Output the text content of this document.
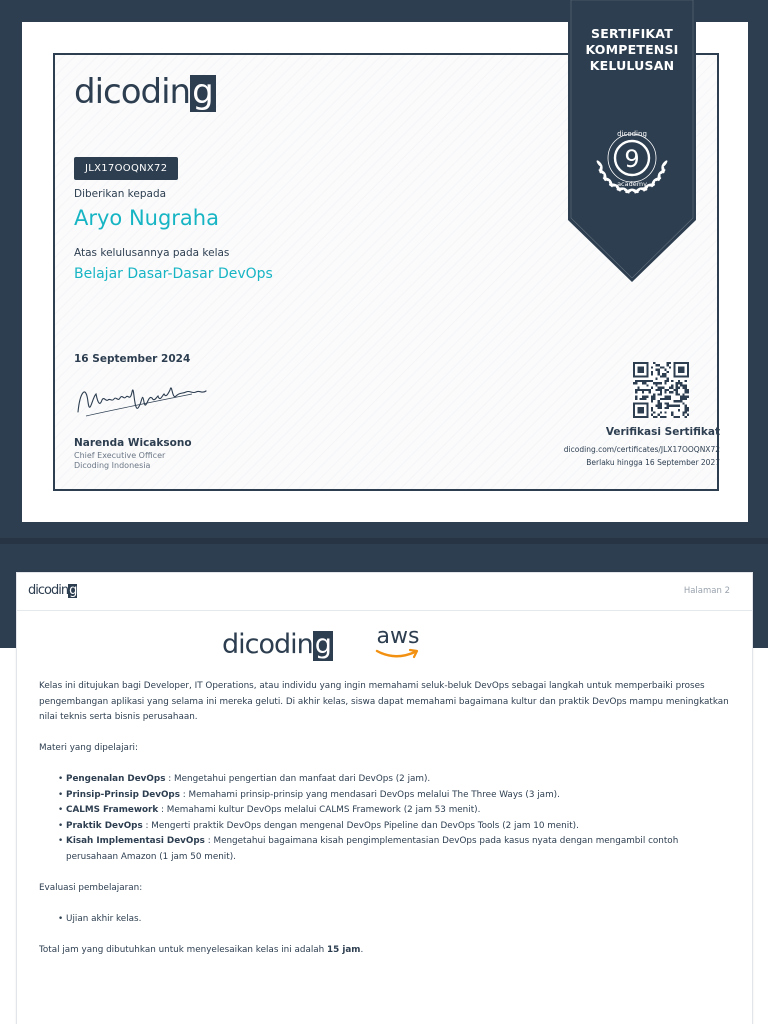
dicoding
JLX17OOQNX72
Diberikan kepada
Aryo Nugraha
Atas kelulusannya pada kelas
Belajar Dasar-Dasar DevOps
16 September 2024
Narenda Wicaksono
Chief Executive Officer
Dicoding Indonesia
Verifikasi Sertifikat
dicoding.com/certificates/JLX17OOQNX72
Berlaku hingga 16 September 2027
SERTIFIKAT
KOMPETENSI
KELULUSAN
9
dicoding
academy
dicoding	Halaman 2
dicoding aws

Kelas ini ditujukan bagi Developer, IT Operations, atau individu yang ingin memahami seluk-beluk DevOps sebagai langkah untuk memperbaiki proses pengembangan aplikasi yang selama ini mereka geluti. Di akhir kelas, siswa dapat memahami bagaimana kultur dan praktik DevOps mampu meningkatkan nilai teknis serta bisnis perusahaan.

Materi yang dipelajari:

• Pengenalan DevOps : Mengetahui pengertian dan manfaat dari DevOps (2 jam).
• Prinsip-Prinsip DevOps : Memahami prinsip-prinsip yang mendasari DevOps melalui The Three Ways (3 jam).
• CALMS Framework : Memahami kultur DevOps melalui CALMS Framework (2 jam 53 menit).
• Praktik DevOps : Mengerti praktik DevOps dengan mengenal DevOps Pipeline dan DevOps Tools (2 jam 10 menit).
• Kisah Implementasi DevOps : Mengetahui bagaimana kisah pengimplementasian DevOps pada kasus nyata dengan mengambil contoh perusahaan Amazon (1 jam 50 menit).

Evaluasi pembelajaran:

• Ujian akhir kelas.

Total jam yang dibutuhkan untuk menyelesaikan kelas ini adalah 15 jam.
